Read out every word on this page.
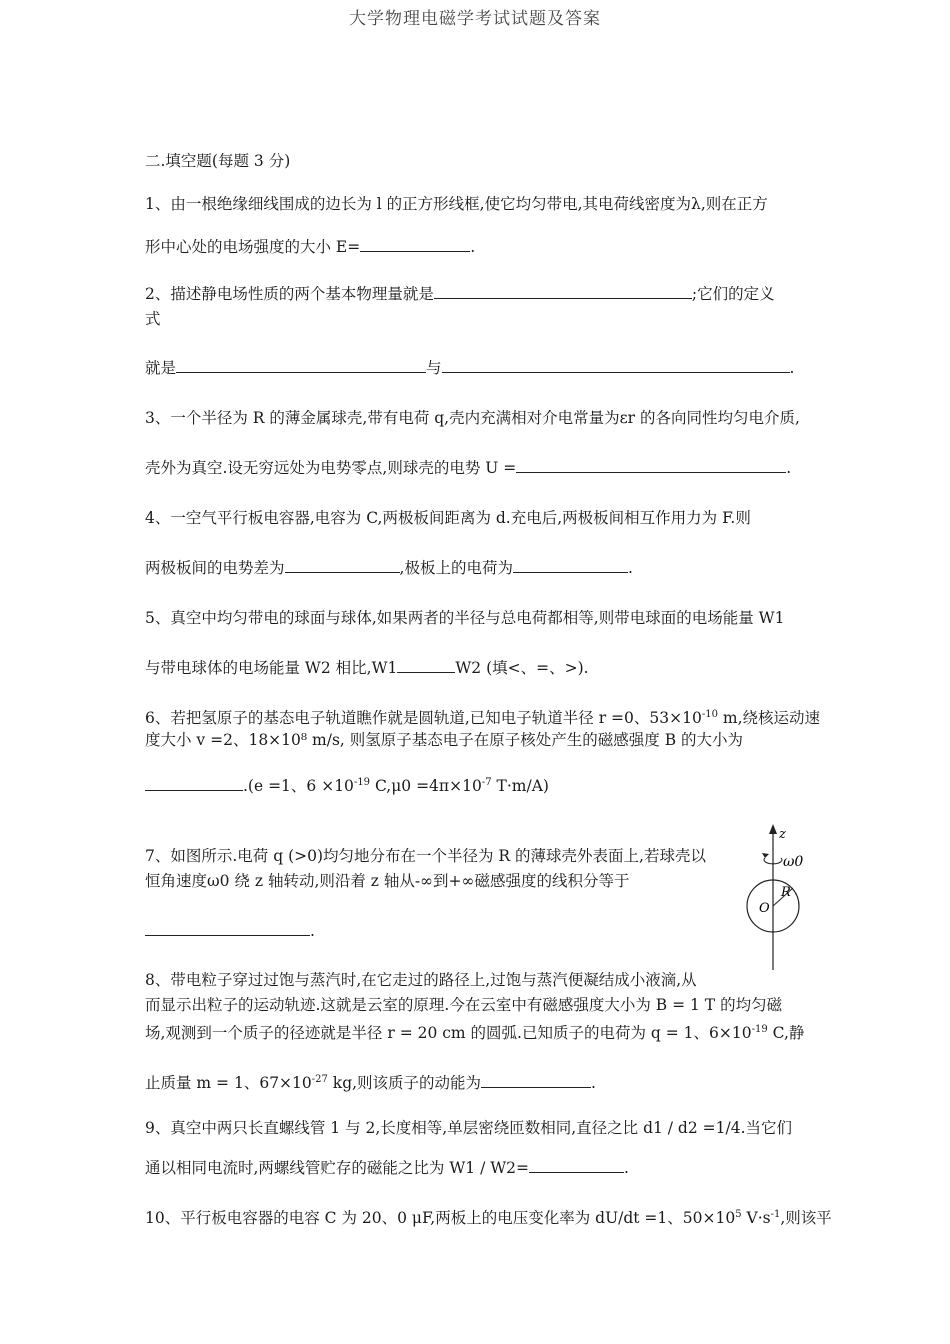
大学物理电磁学考试试题及答案
二.填空题(每题 3 分)
1、由一根绝缘细线围成的边长为 l 的正方形线框,使它均匀带电,其电荷线密度为λ,则在正方
形中心处的电场强度的大小 E=	.
2、描述静电场性质的两个基本物理量就是	;它们的定义
式
就是	与	.
3、一个半径为 R 的薄金属球壳,带有电荷 q,壳内充满相对介电常量为εr 的各向同性均匀电介质,
壳外为真空.设无穷远处为电势零点,则球壳的电势 U =	.
4、一空气平行板电容器,电容为 C,两极板间距离为 d.充电后,两极板间相互作用力为 F.则
两极板间的电势差为	,极板上的电荷为	.
5、真空中均匀带电的球面与球体,如果两者的半径与总电荷都相等,则带电球面的电场能量 W1
与带电球体的电场能量 W2 相比,W1	W2 (填<、=、>).
6、若把氢原子的基态电子轨道瞧作就是圆轨道,已知电子轨道半径 r =0、$53\times 10^{-10}$ m,绕核运动速
度大小 v =2、18×10⁸ m/s, 则氢原子基态电子在原子核处产生的磁感强度 B 的大小为
.(e =1、$6 \times 10^{-19}$ $C,\mu 0 =4\pi\times 10^{-7}$ T·m/A)
7、如图所示.电荷 q (>0)均匀地分布在一个半径为 R 的薄球壳外表面上,若球壳以
恒角速度ω0 绕 z 轴转动,则沿着 z 轴从-∞到+∞磁感强度的线积分等于
.
8、带电粒子穿过过饱与蒸汽时,在它走过的路径上,过饱与蒸汽便凝结成小液滴,从
而显示出粒子的运动轨迹.这就是云室的原理.今在云室中有磁感强度大小为 B = 1 T 的均匀磁
场,观测到一个质子的径迹就是半径 r = 20 cm 的圆弧.已知质子的电荷为 q = 1、$6\times 10^{-19}$ C,静
止质量 m = 1、$67\times 10^{-27}$ kg,则该质子的动能为	.
9、真空中两只长直螺线管 1 与 2,长度相等,单层密绕匝数相同,直径之比 d1 / d2 =1/4.当它们
通以相同电流时,两螺线管贮存的磁能之比为 W1 / W2=	.
10、平行板电容器的电容 C 为 20、0 μF,两板上的电压变化率为 dU/dt =1、$50\times 10^5$ $V\cdot s^{-1}$,则该平
z
ω0
R
O
